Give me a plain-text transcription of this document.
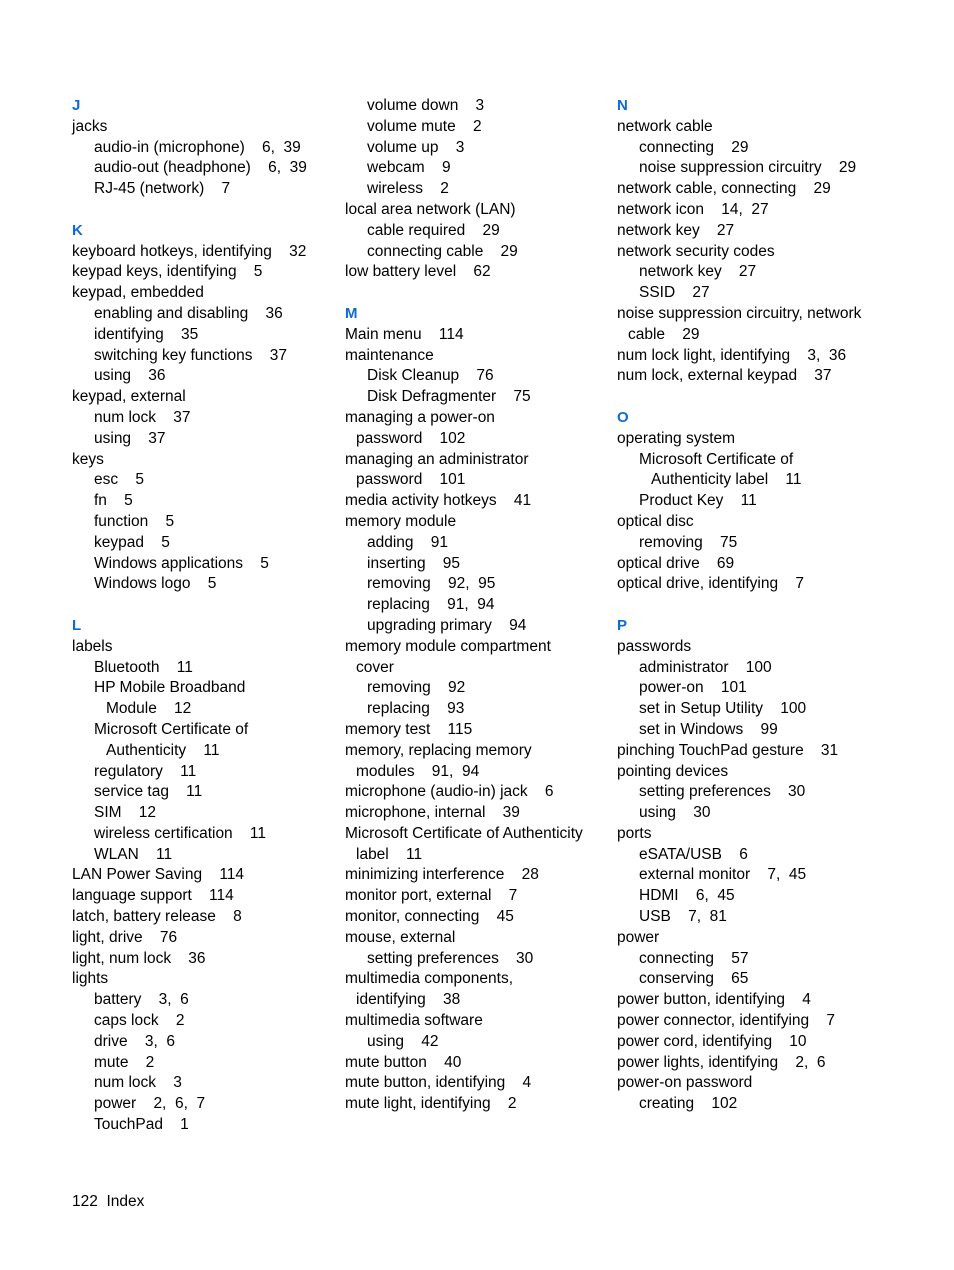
J
jacks
audio-in (microphone)    6,  39
audio-out (headphone)    6,  39
RJ-45 (network)    7
K
keyboard hotkeys, identifying    32
keypad keys, identifying    5
keypad, embedded
enabling and disabling    36
identifying    35
switching key functions    37
using    36
keypad, external
num lock    37
using    37
keys
esc    5
fn    5
function    5
keypad    5
Windows applications    5
Windows logo    5
L
labels
Bluetooth    11
HP Mobile Broadband
Module    12
Microsoft Certificate of
Authenticity    11
regulatory    11
service tag    11
SIM    12
wireless certification    11
WLAN    11
LAN Power Saving    114
language support    114
latch, battery release    8
light, drive    76
light, num lock    36
lights
battery    3,  6
caps lock    2
drive    3,  6
mute    2
num lock    3
power    2,  6,  7
TouchPad    1
volume down    3
volume mute    2
volume up    3
webcam    9
wireless    2
local area network (LAN)
cable required    29
connecting cable    29
low battery level    62
M
Main menu    114
maintenance
Disk Cleanup    76
Disk Defragmenter    75
managing a power-on
password    102
managing an administrator
password    101
media activity hotkeys    41
memory module
adding    91
inserting    95
removing    92,  95
replacing    91,  94
upgrading primary    94
memory module compartment
cover
removing    92
replacing    93
memory test    115
memory, replacing memory
modules    91,  94
microphone (audio-in) jack    6
microphone, internal    39
Microsoft Certificate of Authenticity
label    11
minimizing interference    28
monitor port, external    7
monitor, connecting    45
mouse, external
setting preferences    30
multimedia components,
identifying    38
multimedia software
using    42
mute button    40
mute button, identifying    4
mute light, identifying    2
N
network cable
connecting    29
noise suppression circuitry    29
network cable, connecting    29
network icon    14,  27
network key    27
network security codes
network key    27
SSID    27
noise suppression circuitry, network
cable    29
num lock light, identifying    3,  36
num lock, external keypad    37
O
operating system
Microsoft Certificate of
Authenticity label    11
Product Key    11
optical disc
removing    75
optical drive    69
optical drive, identifying    7
P
passwords
administrator    100
power-on    101
set in Setup Utility    100
set in Windows    99
pinching TouchPad gesture    31
pointing devices
setting preferences    30
using    30
ports
eSATA/USB    6
external monitor    7,  45
HDMI    6,  45
USB    7,  81
power
connecting    57
conserving    65
power button, identifying    4
power connector, identifying    7
power cord, identifying    10
power lights, identifying    2,  6
power-on password
creating    102
122 Index
